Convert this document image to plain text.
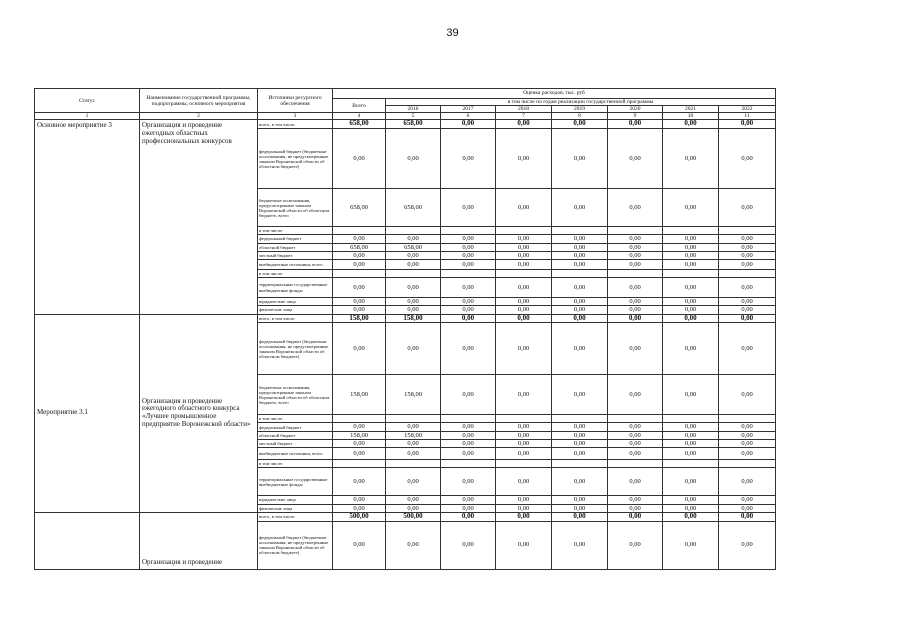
39
Статус	Наименование государственной программы, подпрограммы, основного мероприятия	Источники ресурсного обеспечения	Оценка расходов, тыс. руб							
			Всего	в том числе по годам реализации государственной программы						
				2016	2017	2018	2019	2020	2021	2022
1	2	3	4	5	6	7	8	9	10	11
Основное мероприятие 3	Организация и проведение ежегодных областных профессиональных конкурсов	всего, в том числе:	658,00	658,00	0,00	0,00	0,00	0,00	0,00	0,00
		федеральный бюджет (бюджетные ассигнования, не предусмотренные законом Воронежской области об областном бюджете)	0,00	0,00	0,00	0,00	0,00	0,00	0,00	0,00
		бюджетные ассигнования, предусмотренные законом Воронежской области об областном бюджете, всего	658,00	658,00	0,00	0,00	0,00	0,00	0,00	0,00
		в том числе:								
		федеральный бюджет	0,00	0,00	0,00	0,00	0,00	0,00	0,00	0,00
		областной бюджет	658,00	658,00	0,00	0,00	0,00	0,00	0,00	0,00
		местный бюджет	0,00	0,00	0,00	0,00	0,00	0,00	0,00	0,00
		внебюджетные источники, всего	0,00	0,00	0,00	0,00	0,00	0,00	0,00	0,00
		в том числе:								
		территориальные государственные внебюджетные фонды	0,00	0,00	0,00	0,00	0,00	0,00	0,00	0,00
		юридические лица	0,00	0,00	0,00	0,00	0,00	0,00	0,00	0,00
		физические лица	0,00	0,00	0,00	0,00	0,00	0,00	0,00	0,00
Мероприятие 3.1	Организация и проведение ежегодного областного конкурса «Лучшее промышленное предприятие Воронежской области»	всего, в том числе:	158,00	158,00	0,00	0,00	0,00	0,00	0,00	0,00
		федеральный бюджет (бюджетные ассигнования, не предусмотренные законом Воронежской области об областном бюджете)	0,00	0,00	0,00	0,00	0,00	0,00	0,00	0,00
		бюджетные ассигнования, предусмотренные законом Воронежской области об областном бюджете, всего	158,00	158,00	0,00	0,00	0,00	0,00	0,00	0,00
		в том числе:								
		федеральный бюджет	0,00	0,00	0,00	0,00	0,00	0,00	0,00	0,00
		областной бюджет	158,00	158,00	0,00	0,00	0,00	0,00	0,00	0,00
		местный бюджет	0,00	0,00	0,00	0,00	0,00	0,00	0,00	0,00
		внебюджетные источники, всего	0,00	0,00	0,00	0,00	0,00	0,00	0,00	0,00
		в том числе:								
		территориальные государственные внебюджетные фонды	0,00	0,00	0,00	0,00	0,00	0,00	0,00	0,00
		юридические лица	0,00	0,00	0,00	0,00	0,00	0,00	0,00	0,00
		физические лица	0,00	0,00	0,00	0,00	0,00	0,00	0,00	0,00
	Организация и проведение	всего, в том числе:	500,00	500,00	0,00	0,00	0,00	0,00	0,00	0,00
		федеральный бюджет (бюджетные ассигнования, не предусмотренные законом Воронежской области об областном бюджете)	0,00	0,00	0,00	0,00	0,00	0,00	0,00	0,00
